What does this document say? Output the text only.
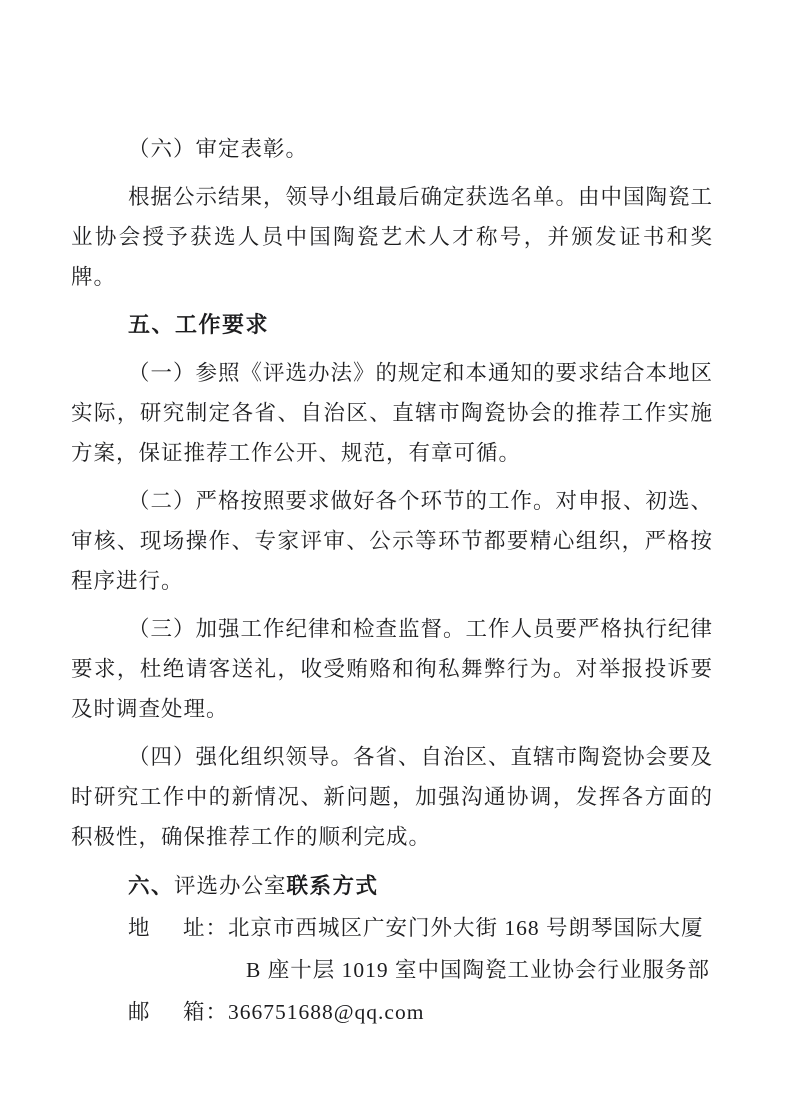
（六）审定表彰。

根据公示结果，领导小组最后确定获选名单。由中国陶瓷工业协会授予获选人员中国陶瓷艺术人才称号，并颁发证书和奖牌。

五、工作要求

（一）参照《评选办法》的规定和本通知的要求结合本地区实际，研究制定各省、自治区、直辖市陶瓷协会的推荐工作实施方案，保证推荐工作公开、规范，有章可循。

（二）严格按照要求做好各个环节的工作。对申报、初选、审核、现场操作、专家评审、公示等环节都要精心组织，严格按程序进行。

（三）加强工作纪律和检查监督。工作人员要严格执行纪律要求，杜绝请客送礼，收受贿赂和徇私舞弊行为。对举报投诉要及时调查处理。

（四）强化组织领导。各省、自治区、直辖市陶瓷协会要及时研究工作中的新情况、新问题，加强沟通协调，发挥各方面的积极性，确保推荐工作的顺利完成。

六、评选办公室联系方式
地 址： 北京市西城区广安门外大街 168 号朗琴国际大厦
B 座十层 1019 室中国陶瓷工业协会行业服务部
邮 箱： 366751688@qq.com
